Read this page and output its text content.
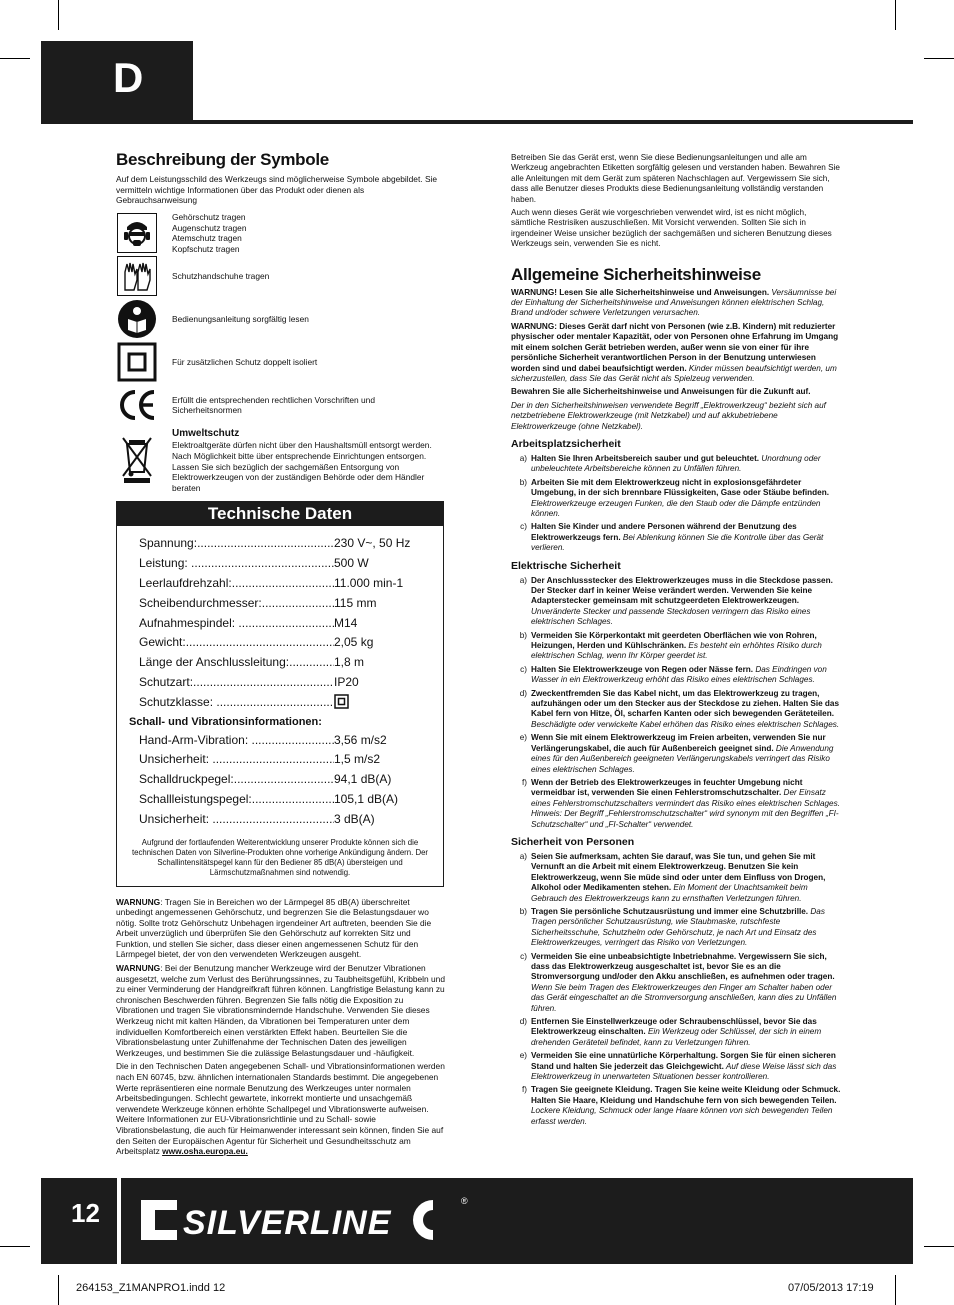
D
Beschreibung der Symbole

Auf dem Leistungsschild des Werkzeugs sind möglicherweise Symbole abgebildet. Sie vermitteln wichtige Informationen über das Produkt oder dienen als Gebrauchsanweisung

Gehörschutz tragen
Augenschutz tragen
Atemschutz tragen
Kopfschutz tragen
Schutzhandschuhe tragen
Bedienungsanleitung sorgfältig lesen
Für zusätzlichen Schutz doppelt isoliert
Erfüllt die entsprechenden rechtlichen Vorschriften und Sicherheitsnormen
Umweltschutz
Elektroaltgeräte dürfen nicht über den Haushaltsmüll entsorgt werden. Nach Möglichkeit bitte über entsprechende Einrichtungen entsorgen. Lassen Sie sich bezüglich der sachgemäßen Entsorgung von Elektrowerkzeugen von der zuständigen Behörde oder dem Händler beraten
Technische Daten
Spannung: .....	230 V~, 50 Hz
Leistung: .....	500 W
Leerlaufdrehzahl: .....	11.000 min-1
Scheibendurchmesser: .....	115 mm
Aufnahmespindel: .....	M14
Gewicht: .....	2,05 kg
Länge der Anschlussleitung: .....	1,8 m
Schutzart: .....	IP20
Schutzklasse: .....
Schall- und Vibrationsinformationen:
Hand-Arm-Vibration: .....	3,56 m/s2
Unsicherheit: .....	1,5 m/s2
Schalldruckpegel: .....	94,1 dB(A)
Schallleistungspegel: .....	105,1 dB(A)
Unsicherheit: .....	3 dB(A)
Aufgrund der fortlaufenden Weiterentwicklung unserer Produkte können sich die technischen Daten von Silverline-Produkten ohne vorherige Ankündigung ändern. Der Schallintensitätspegel kann für den Bediener 85 dB(A) übersteigen und Lärmschutzmaßnahmen sind notwendig.

WARNUNG: Tragen Sie in Bereichen wo der Lärmpegel 85 dB(A) überschreitet unbedingt angemessenen Gehörschutz, und begrenzen Sie die Belastungsdauer wo nötig. Sollte trotz Gehörschutz Unbehagen irgendeiner Art auftreten, beenden Sie die Arbeit unverzüglich und überprüfen Sie den Gehörschutz auf korrekten Sitz und Funktion, und stellen Sie sicher, dass dieser einen angemessenen Schutz für den Lärmpegel bietet, der von den verwendeten Werkzeugen ausgeht.

WARNUNG: Bei der Benutzung mancher Werkzeuge wird der Benutzer Vibrationen ausgesetzt, welche zum Verlust des Berührungssinnes, zu Taubheitsgefühl, Kribbeln und zu einer Verminderung der Handgreifkraft führen können. Langfristige Belastung kann zu chronischen Beschwerden führen. Begrenzen Sie falls nötig die Exposition zu Vibrationen und tragen Sie vibrationsmindernde Handschuhe. Verwenden Sie dieses Werkzeug nicht mit kalten Händen, da Vibrationen bei Temperaturen unter dem individuellen Komfortbereich einen verstärkten Effekt haben. Beurteilen Sie die Vibrationsbelastung unter Zuhilfenahme der Technischen Daten des jeweiligen Werkzeuges, und bestimmen Sie die zulässige Belastungsdauer und -häufigkeit.

Die in den Technischen Daten angegebenen Schall- und Vibrationsinformationen werden nach EN 60745, bzw. ähnlichen internationalen Standards bestimmt. Die angegebenen Werte repräsentieren eine normale Benutzung des Werkzeuges unter normalen Arbeitsbedingungen. Schlecht gewartete, inkorrekt montierte und unsachgemäß verwendete Werkzeuge können erhöhte Schallpegel und Vibrationswerte aufweisen. Weitere Informationen zur EU-Vibrationsrichtlinie und zu Schall- sowie Vibrationsbelastung, die auch für Heimanwender interessant sein können, finden Sie auf den Seiten der Europäischen Agentur für Sicherheit und Gesundheitsschutz am Arbeitsplatz www.osha.europa.eu.

Betreiben Sie das Gerät erst, wenn Sie diese Bedienungsanleitungen und alle am Werkzeug angebrachten Etiketten sorgfältig gelesen und verstanden haben. Bewahren Sie alle Anleitungen mit dem Gerät zum späteren Nachschlagen auf. Vergewissern Sie sich, dass alle Benutzer dieses Produkts diese Bedienungsanleitung vollständig verstanden haben.

Auch wenn dieses Gerät wie vorgeschrieben verwendet wird, ist es nicht möglich, sämtliche Restrisiken auszuschließen. Mit Vorsicht verwenden. Sollten Sie sich in irgendeiner Weise unsicher bezüglich der sachgemäßen und sicheren Benutzung dieses Werkzeugs sein, verwenden Sie es nicht.

Allgemeine Sicherheitshinweise

WARNUNG! Lesen Sie alle Sicherheitshinweise und Anweisungen. Versäumnisse bei der Einhaltung der Sicherheitshinweise und Anweisungen können elektrischen Schlag, Brand und/oder schwere Verletzungen verursachen.

WARNUNG: Dieses Gerät darf nicht von Personen (wie z.B. Kindern) mit reduzierter physischer oder mentaler Kapazität, oder von Personen ohne Erfahrung im Umgang mit einem solchen Gerät betrieben werden, außer wenn sie von einer für ihre persönliche Sicherheit verantwortlichen Person in der Benutzung unterwiesen worden sind und dabei beaufsichtigt werden. Kinder müssen beaufsichtigt werden, um sicherzustellen, dass Sie das Gerät nicht als Spielzeug verwenden.

Bewahren Sie alle Sicherheitshinweise und Anweisungen für die Zukunft auf.

Der in den Sicherheitshinweisen verwendete Begriff „Elektrowerkzeug“ bezieht sich auf netzbetriebene Elektrowerkzeuge (mit Netzkabel) und auf akkubetriebene Elektrowerkzeuge (ohne Netzkabel).

Arbeitsplatzsicherheit
a) Halten Sie Ihren Arbeitsbereich sauber und gut beleuchtet. Unordnung oder unbeleuchtete Arbeitsbereiche können zu Unfällen führen.
b) Arbeiten Sie mit dem Elektrowerkzeug nicht in explosionsgefährdeter Umgebung, in der sich brennbare Flüssigkeiten, Gase oder Stäube befinden. Elektrowerkzeuge erzeugen Funken, die den Staub oder die Dämpfe entzünden können.
c) Halten Sie Kinder und andere Personen während der Benutzung des Elektrowerkzeugs fern. Bei Ablenkung können Sie die Kontrolle über das Gerät verlieren.
Elektrische Sicherheit
a) Der Anschlussstecker des Elektrowerkzeuges muss in die Steckdose passen. Der Stecker darf in keiner Weise verändert werden. Verwenden Sie keine Adapterstecker gemeinsam mit schutzgeerdeten Elektrowerkzeugen. Unveränderte Stecker und passende Steckdosen verringern das Risiko eines elektrischen Schlages.
b) Vermeiden Sie Körperkontakt mit geerdeten Oberflächen wie von Rohren, Heizungen, Herden und Kühlschränken. Es besteht ein erhöhtes Risiko durch elektrischen Schlag, wenn Ihr Körper geerdet ist.
c) Halten Sie Elektrowerkzeuge von Regen oder Nässe fern. Das Eindringen von Wasser in ein Elektrowerkzeug erhöht das Risiko eines elektrischen Schlages.
d) Zweckentfremden Sie das Kabel nicht, um das Elektrowerkzeug zu tragen, aufzuhängen oder um den Stecker aus der Steckdose zu ziehen. Halten Sie das Kabel fern von Hitze, Öl, scharfen Kanten oder sich bewegenden Geräteteilen. Beschädigte oder verwickelte Kabel erhöhen das Risiko eines elektrischen Schlages.
e) Wenn Sie mit einem Elektrowerkzeug im Freien arbeiten, verwenden Sie nur Verlängerungskabel, die auch für Außenbereich geeignet sind. Die Anwendung eines für den Außenbereich geeigneten Verlängerungskabels verringert das Risiko eines elektrischen Schlages.
f) Wenn der Betrieb des Elektrowerkzeuges in feuchter Umgebung nicht vermeidbar ist, verwenden Sie einen Fehlerstromschutzschalter. Der Einsatz eines Fehlerstromschutzschalters vermindert das Risiko eines elektrischen Schlages. Hinweis: Der Begriff „Fehlerstromschutzschalter“ wird synonym mit den Begriffen „FI-Schutzschalter“ und „FI-Schalter“ verwendet.
Sicherheit von Personen
a) Seien Sie aufmerksam, achten Sie darauf, was Sie tun, und gehen Sie mit Vernunft an die Arbeit mit einem Elektrowerkzeug. Benutzen Sie kein Elektrowerkzeug, wenn Sie müde sind oder unter dem Einfluss von Drogen, Alkohol oder Medikamenten stehen. Ein Moment der Unachtsamkeit beim Gebrauch des Elektrowerkzeugs kann zu ernsthaften Verletzungen führen.
b) Tragen Sie persönliche Schutzausrüstung und immer eine Schutzbrille. Das Tragen persönlicher Schutzausrüstung, wie Staubmaske, rutschfeste Sicherheitsschuhe, Schutzhelm oder Gehörschutz, je nach Art und Einsatz des Elektrowerkzeuges, verringert das Risiko von Verletzungen.
c) Vermeiden Sie eine unbeabsichtigte Inbetriebnahme. Vergewissern Sie sich, dass das Elektrowerkzeug ausgeschaltet ist, bevor Sie es an die Stromversorgung und/oder den Akku anschließen, es aufnehmen oder tragen. Wenn Sie beim Tragen des Elektrowerkzeuges den Finger am Schalter haben oder das Gerät eingeschaltet an die Stromversorgung anschließen, kann dies zu Unfällen führen.
d) Entfernen Sie Einstellwerkzeuge oder Schraubenschlüssel, bevor Sie das Elektrowerkzeug einschalten. Ein Werkzeug oder Schlüssel, der sich in einem drehenden Geräteteil befindet, kann zu Verletzungen führen.
e) Vermeiden Sie eine unnatürliche Körperhaltung. Sorgen Sie für einen sicheren Stand und halten Sie jederzeit das Gleichgewicht. Auf diese Weise lässt sich das Elektrowerkzeug in unerwarteten Situationen besser kontrollieren.
f) Tragen Sie geeignete Kleidung. Tragen Sie keine weite Kleidung oder Schmuck. Halten Sie Haare, Kleidung und Handschuhe fern von sich bewegenden Teilen. Lockere Kleidung, Schmuck oder lange Haare können von sich bewegenden Teilen erfasst werden.
12 SILVERLINE
®
264153_Z1MANPRO1.indd 12	07/05/2013 17:19
